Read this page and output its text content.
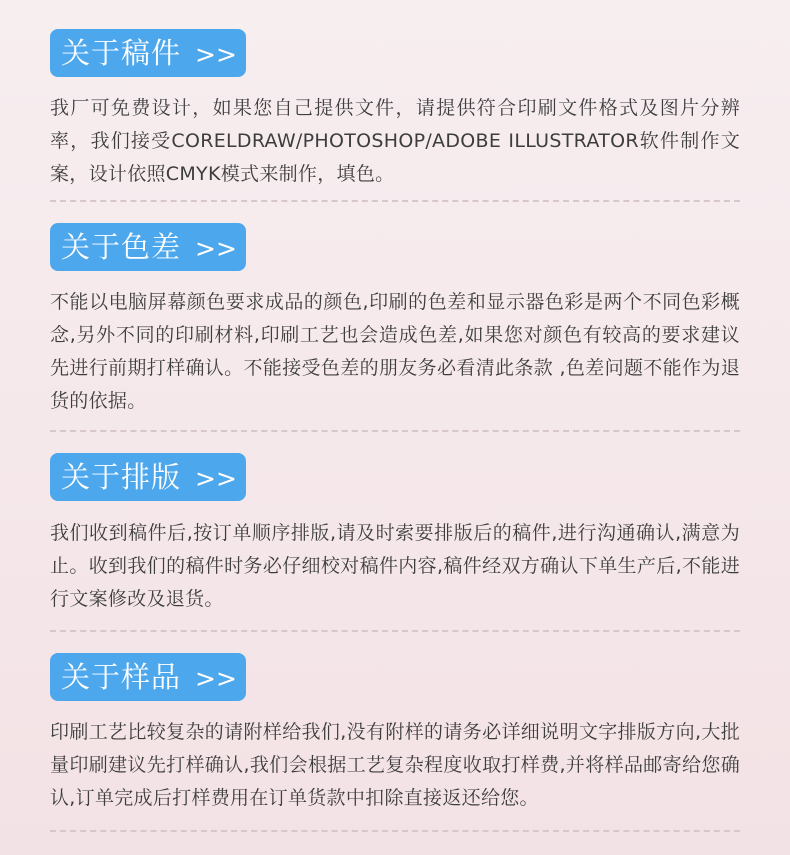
关于稿件 >>

我厂可免费设计，如果您自己提供文件，请提供符合印刷文件格式及图片分辨率，我们接受CORELDRAW/PHOTOSHOP/ADOBE ILLUSTRATOR软件制作文案，设计依照CMYK模式来制作，填色。

关于色差 >>

不能以电脑屏幕颜色要求成品的颜色,印刷的色差和显示器色彩是两个不同色彩概念,另外不同的印刷材料,印刷工艺也会造成色差,如果您对颜色有较高的要求建议先进行前期打样确认。不能接受色差的朋友务必看清此条款 ,色差问题不能作为退货的依据。

关于排版 >>

我们收到稿件后,按订单顺序排版,请及时索要排版后的稿件,进行沟通确认,满意为止。收到我们的稿件时务必仔细校对稿件内容,稿件经双方确认下单生产后,不能进行文案修改及退货。

关于样品 >>

印刷工艺比较复杂的请附样给我们,没有附样的请务必详细说明文字排版方向,大批量印刷建议先打样确认,我们会根据工艺复杂程度收取打样费,并将样品邮寄给您确认,订单完成后打样费用在订单货款中扣除直接返还给您。
